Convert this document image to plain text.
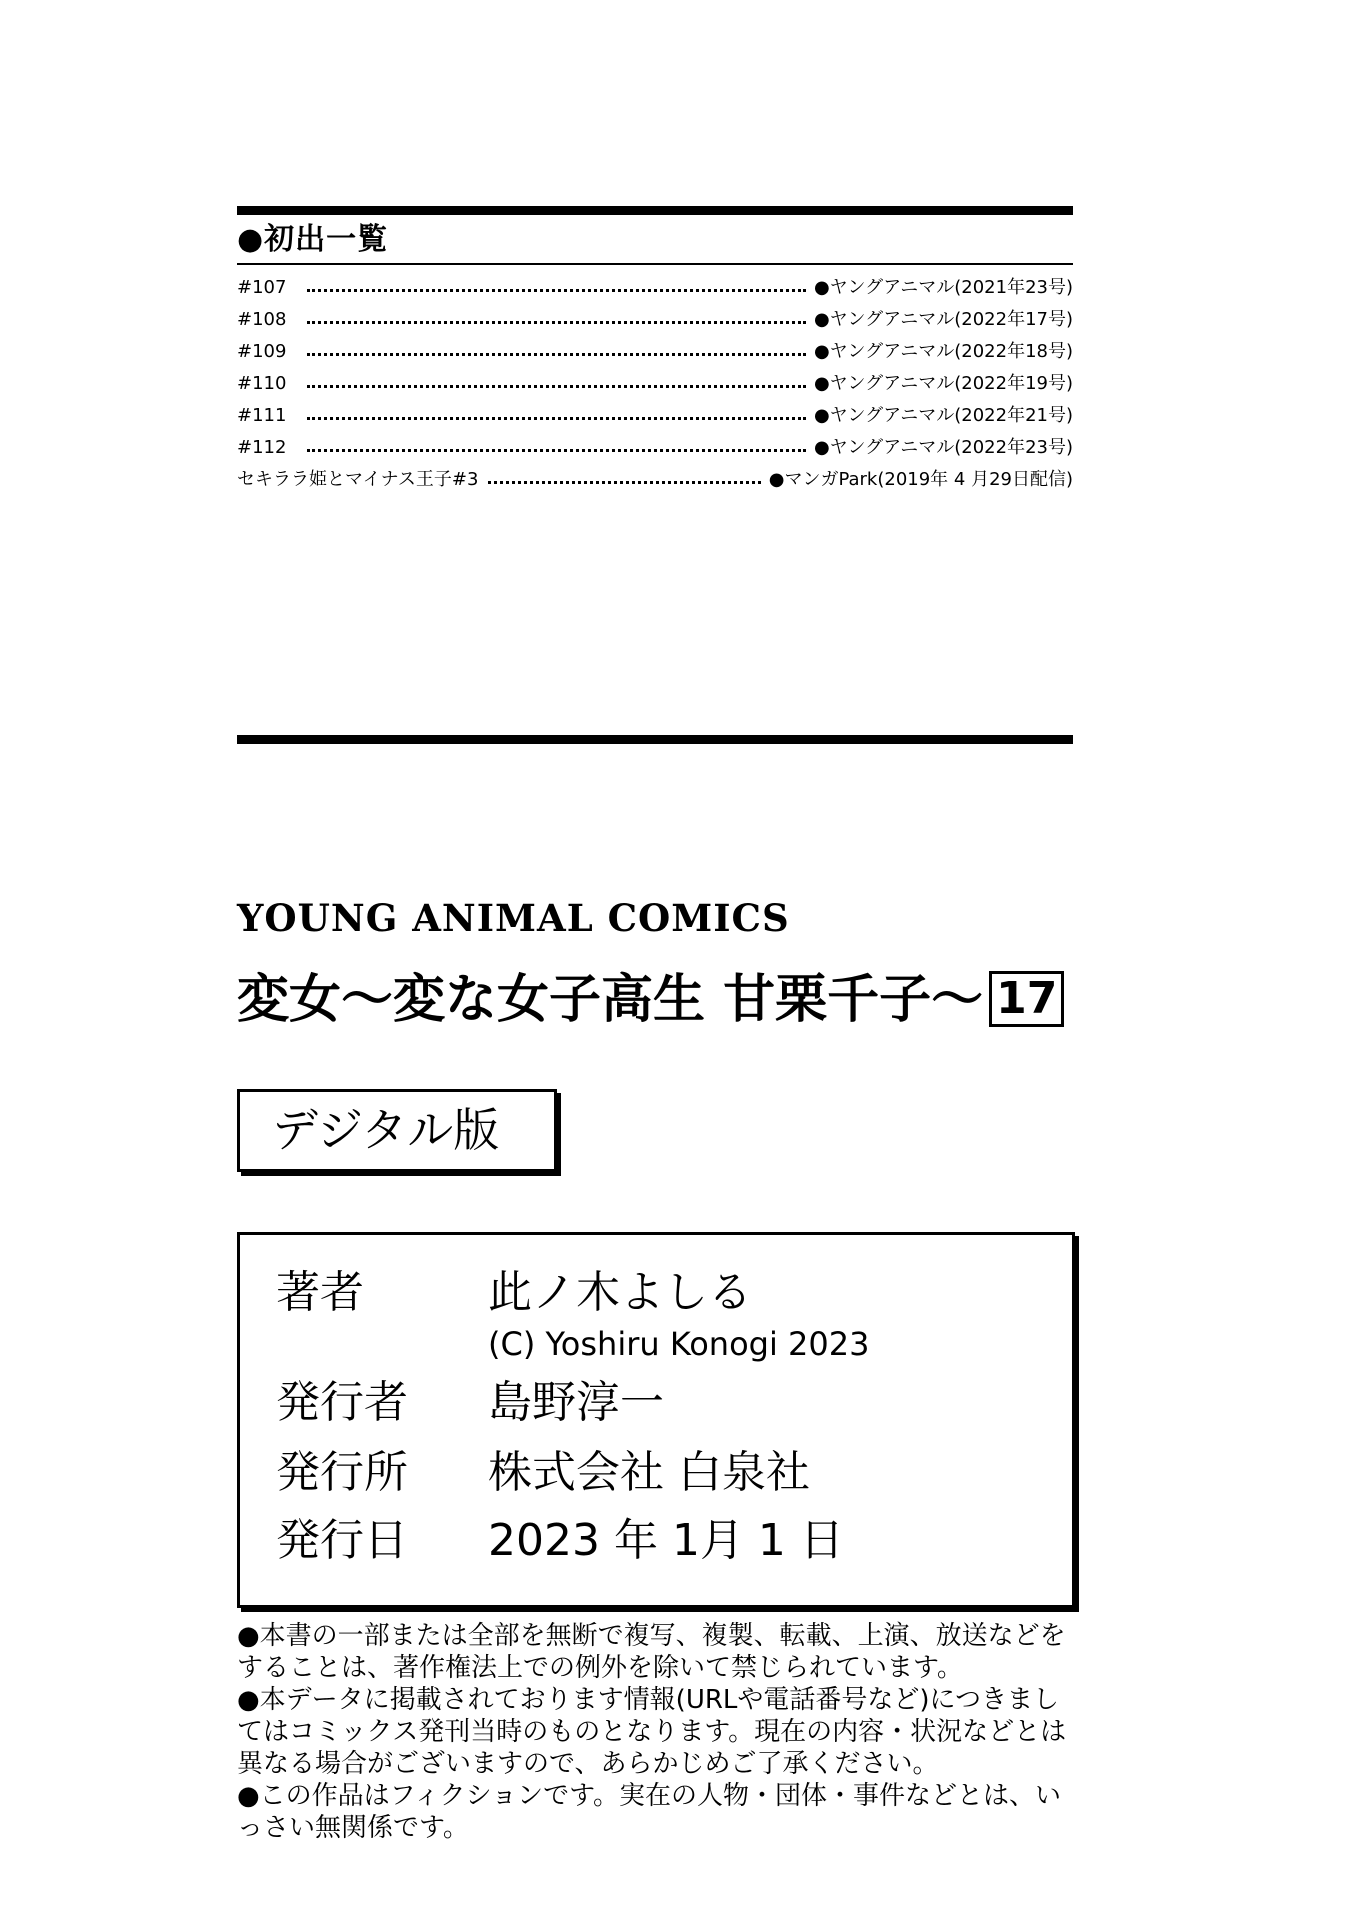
●初出一覧
#107	●ヤングアニマル(2021年23号)
#108	●ヤングアニマル(2022年17号)
#109	●ヤングアニマル(2022年18号)
#110	●ヤングアニマル(2022年19号)
#111	●ヤングアニマル(2022年21号)
#112	●ヤングアニマル(2022年23号)
セキララ姫とマイナス王子#3	●マンガPark(2019年 4 月29日配信)
YOUNG ANIMAL COMICS
変女〜変な女子高生 甘栗千子〜 17
デジタル版
著者	此ノ木よしる
(C) Yoshiru Konogi 2023
発行者 島野淳一
発行所 株式会社 白泉社
発行日 2023 年 1月 1 日

●本書の一部または全部を無断で複写、複製、転載、上演、放送などをすることは、著作権法上での例外を除いて禁じられています。

●本データに掲載されております情報(URLや電話番号など)につきましてはコミックス発刊当時のものとなります。現在の内容・状況などとは異なる場合がございますので、あらかじめご了承ください。

●この作品はフィクションです。実在の人物・団体・事件などとは、いっさい無関係です。
